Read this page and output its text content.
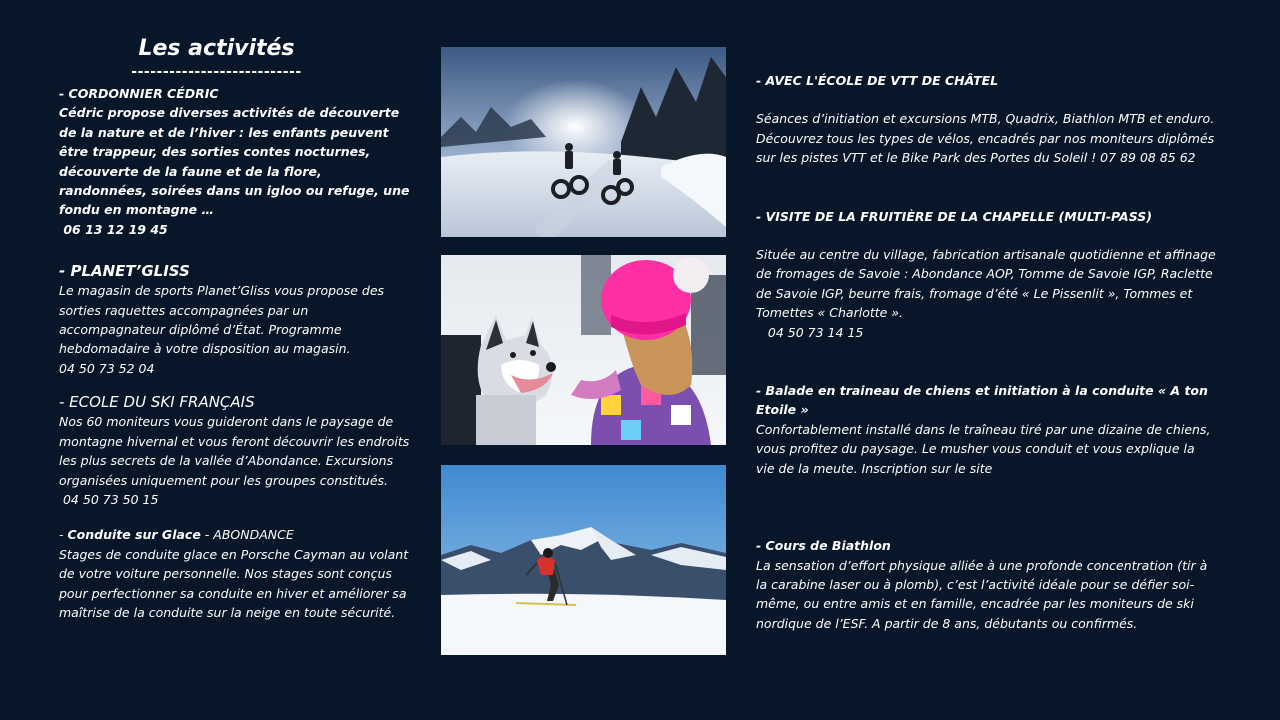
Les activités
---------------------------

- CORDONNIER CÉDRIC

Cédric propose diverses activités de découverte de la nature et de l’hiver : les enfants peuvent être trappeur, des sorties contes nocturnes, découverte de la faune et de la flore, randonnées, soirées dans un igloo ou refuge, une fondu en montagne …

06 13 12 19 45

- PLANET’GLISS

Le magasin de sports Planet’Gliss vous propose des sorties raquettes accompagnées par un accompagnateur diplômé d’État. Programme hebdomadaire à votre disposition au magasin.

04 50 73 52 04

- ECOLE DU SKI FRANÇAIS

Nos 60 moniteurs vous guideront dans le paysage de montagne hivernal et vous feront découvrir les endroits les plus secrets de la vallée d’Abondance. Excursions organisées uniquement pour les groupes constitués.

04 50 73 50 15

- Conduite sur Glace - ABONDANCE

Stages de conduite glace en Porsche Cayman au volant de votre voiture personnelle. Nos stages sont conçus pour perfectionner sa conduite en hiver et améliorer sa maîtrise de la conduite sur la neige en toute sécurité.

- AVEC L'ÉCOLE DE VTT DE CHÂTEL

Séances d’initiation et excursions MTB, Quadrix, Biathlon MTB et enduro. Découvrez tous les types de vélos, encadrés par nos moniteurs diplômés sur les pistes VTT et le Bike Park des Portes du Soleil ! 07 89 08 85 62

- VISITE DE LA FRUITIÈRE DE LA CHAPELLE (MULTI-PASS)

Située au centre du village, fabrication artisanale quotidienne et affinage de fromages de Savoie : Abondance AOP, Tomme de Savoie IGP, Raclette de Savoie IGP, beurre frais, fromage d’été « Le Pissenlit », Tommes et Tomettes « Charlotte ».

04 50 73 14 15

- Balade en traineau de chiens et initiation à la conduite « A ton Etoile »

Confortablement installé dans le traîneau tiré par une dizaine de chiens, vous profitez du paysage. Le musher vous conduit et vous explique la vie de la meute. Inscription sur le site

- Cours de Biathlon

La sensation d’effort physique alliée à une profonde concentration (tir à la carabine laser ou à plomb), c’est l’activité idéale pour se défier soi-même, ou entre amis et en famille, encadrée par les moniteurs de ski nordique de l’ESF. A partir de 8 ans, débutants ou confirmés.
